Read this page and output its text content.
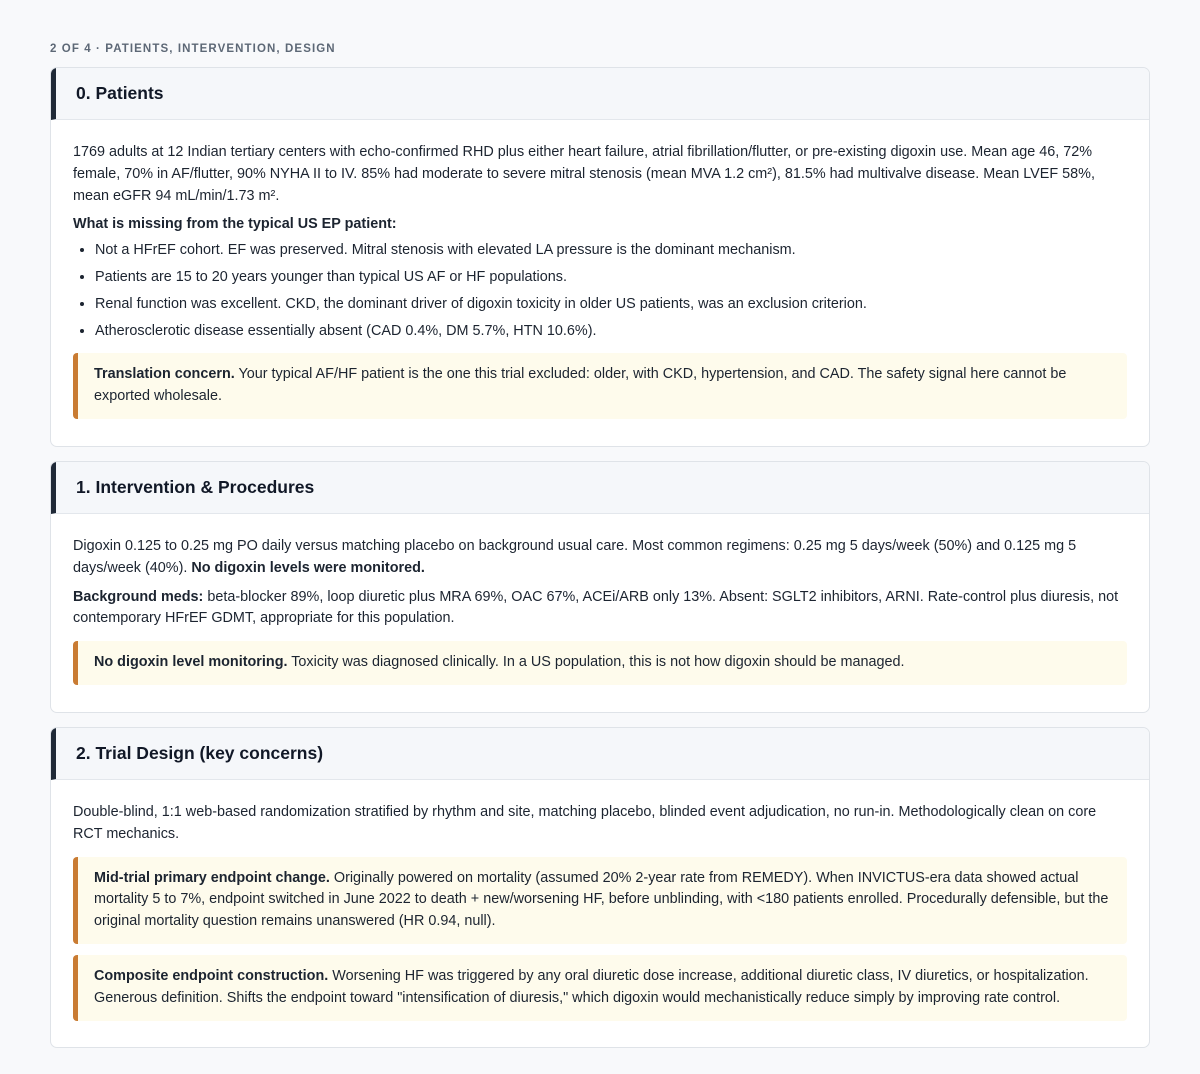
2 OF 4 · PATIENTS, INTERVENTION, DESIGN
0. Patients

1769 adults at 12 Indian tertiary centers with echo-confirmed RHD plus either heart failure, atrial fibrillation/flutter, or pre-existing digoxin use. Mean age 46, 72% female, 70% in AF/flutter, 90% NYHA II to IV. 85% had moderate to severe mitral stenosis (mean MVA 1.2 cm²), 81.5% had multivalve disease. Mean LVEF 58%, mean eGFR 94 mL/min/1.73 m².

What is missing from the typical US EP patient:

• Not a HFrEF cohort. EF was preserved. Mitral stenosis with elevated LA pressure is the dominant mechanism.
• Patients are 15 to 20 years younger than typical US AF or HF populations.
• Renal function was excellent. CKD, the dominant driver of digoxin toxicity in older US patients, was an exclusion criterion.
• Atherosclerotic disease essentially absent (CAD 0.4%, DM 5.7%, HTN 10.6%).
Translation concern. Your typical AF/HF patient is the one this trial excluded: older, with CKD, hypertension, and CAD. The safety signal here cannot be exported wholesale.
1. Intervention & Procedures

Digoxin 0.125 to 0.25 mg PO daily versus matching placebo on background usual care. Most common regimens: 0.25 mg 5 days/week (50%) and 0.125 mg 5 days/week (40%). No digoxin levels were monitored.

Background meds: beta-blocker 89%, loop diuretic plus MRA 69%, OAC 67%, ACEi/ARB only 13%. Absent: SGLT2 inhibitors, ARNI. Rate-control plus diuresis, not contemporary HFrEF GDMT, appropriate for this population.

No digoxin level monitoring. Toxicity was diagnosed clinically. In a US population, this is not how digoxin should be managed.
2. Trial Design (key concerns)

Double-blind, 1:1 web-based randomization stratified by rhythm and site, matching placebo, blinded event adjudication, no run-in. Methodologically clean on core RCT mechanics.

Mid-trial primary endpoint change. Originally powered on mortality (assumed 20% 2-year rate from REMEDY). When INVICTUS-era data showed actual mortality 5 to 7%, endpoint switched in June 2022 to death + new/worsening HF, before unblinding, with <180 patients enrolled. Procedurally defensible, but the original mortality question remains unanswered (HR 0.94, null).
Composite endpoint construction. Worsening HF was triggered by any oral diuretic dose increase, additional diuretic class, IV diuretics, or hospitalization. Generous definition. Shifts the endpoint toward "intensification of diuresis," which digoxin would mechanistically reduce simply by improving rate control.
